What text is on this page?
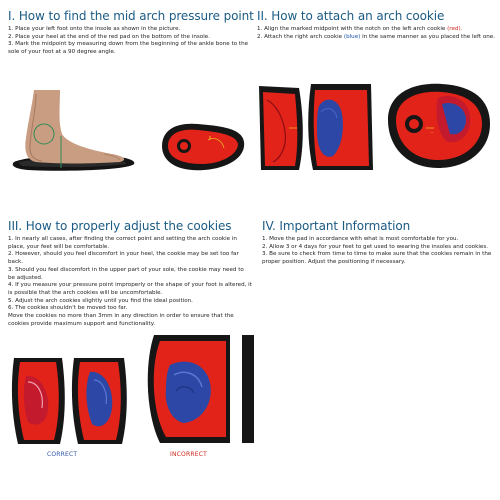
I. How to find the mid arch pressure point

1. Place your left foot onto the insole as shown in the picture.

2. Place your heel at the end of the red pad on the bottom of the insole.

3. Mark the midpoint by measuring down from the beginning of the ankle bone to the sole of your foot at a 90 degree angle.

II. How to attach an arch cookie

1. Align the marked midpoint with the notch on the left arch cookie (red).

2. Attach the right arch cookie (blue) in the same manner as you placed the left one.

⌒
III. How to properly adjust the cookies

1. In nearly all cases, after finding the correct point and setting the arch cookie in place, your feet will be comfortable.

2. However, should you feel discomfort in your heel, the cookie may be set too far back.

3. Should you feel discomfort in the upper part of your sole, the cookie may need to be adjusted.

4. If you measure your pressure point improperly or the shape of your foot is altered, it is possible that the arch cookies will be uncomfortable.

5. Adjust the arch cookies slightly until you find the ideal position.

6. The cookies shouldn't be moved too far.

Move the cookies no more than 3mm in any direction in order to ensure that the cookies provide maximum support and functionality.

IV. Important Information

1. Move the pad in accordance with what is most comfortable for you.

2. Allow 3 or 4 days for your feet to get used to wearing the insoles and cookies.

3. Be sure to check from time to time to make sure that the cookies remain in the proper position. Adjust the positioning if necessary.

CORRECT	INCORRECT
